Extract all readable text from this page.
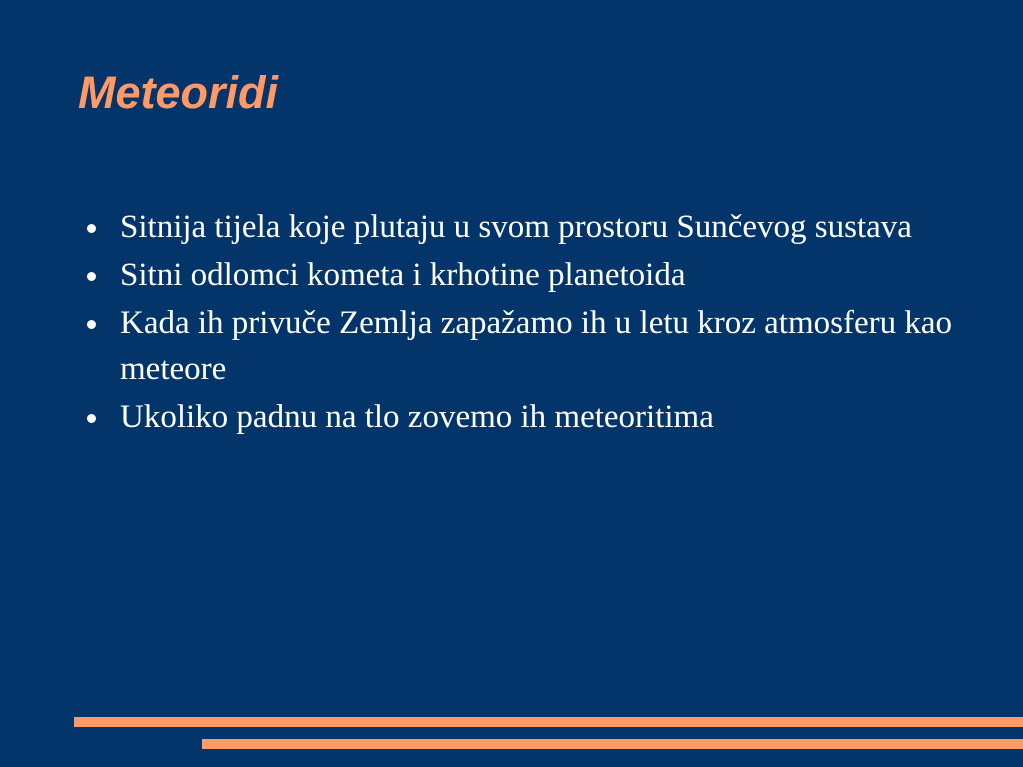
Meteoridi
Sitnija tijela koje plutaju u svom prostoru Sunčevog sustava
Sitni odlomci kometa i krhotine planetoida
Kada ih privuče Zemlja zapažamo ih u letu kroz atmosferu kao meteore
Ukoliko padnu na tlo zovemo ih meteoritima
